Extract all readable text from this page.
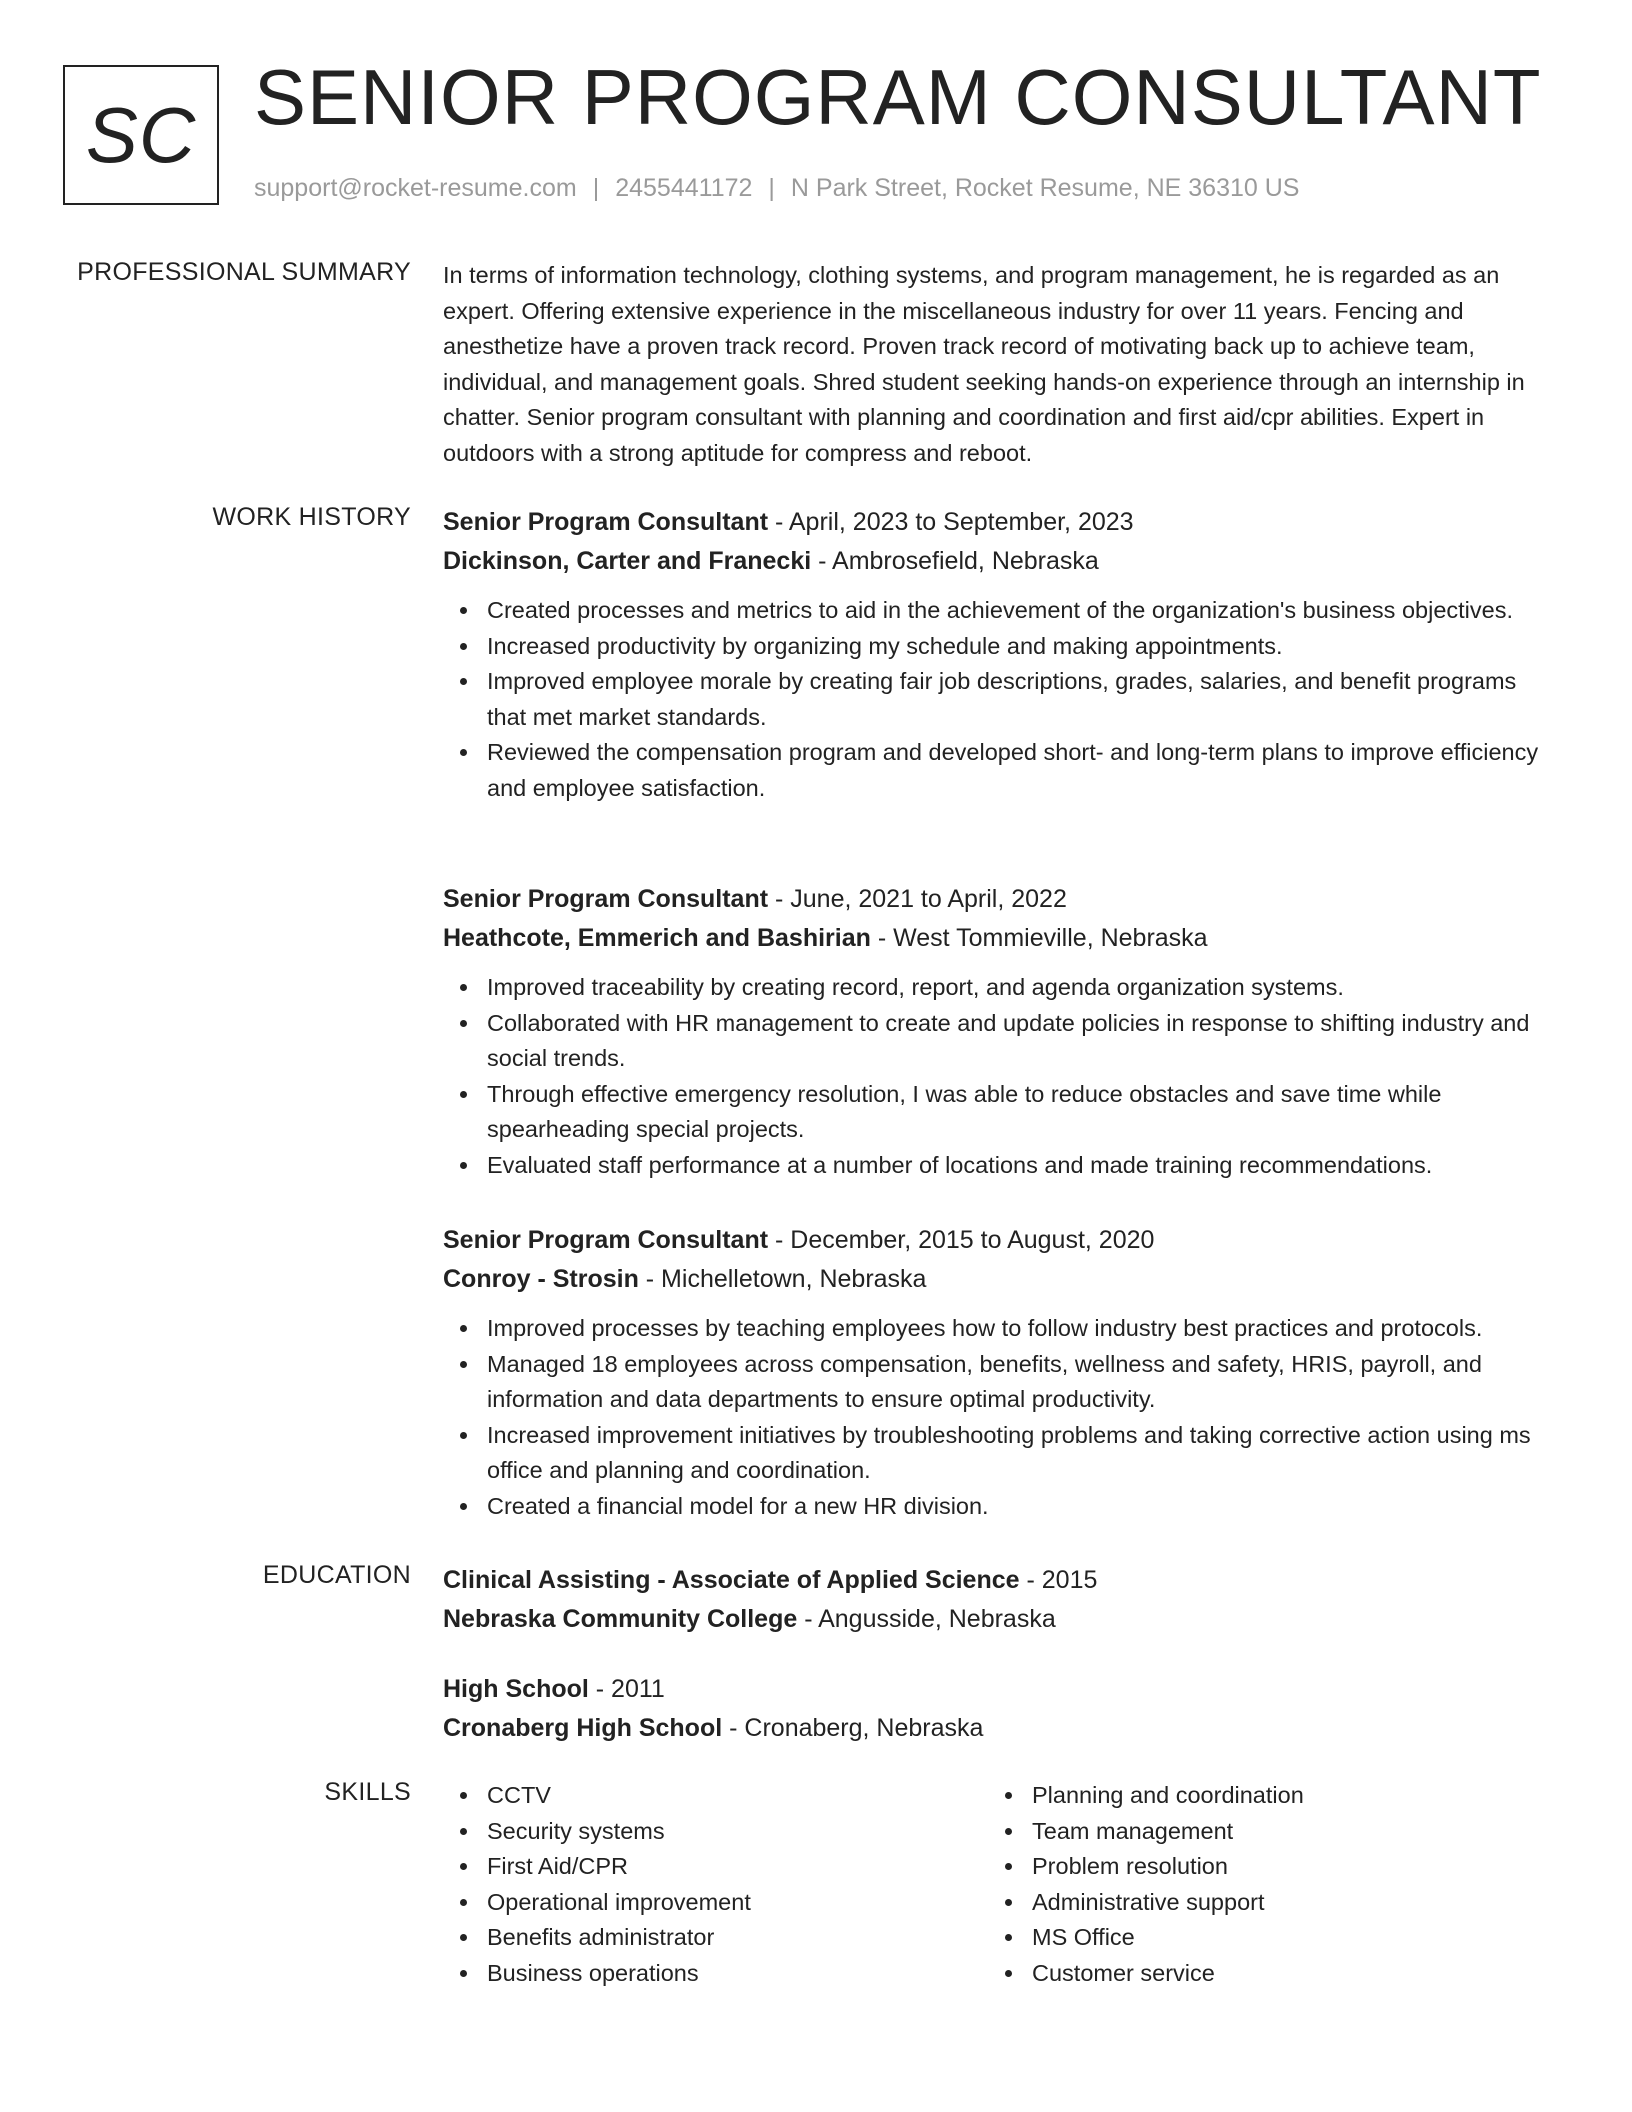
SC SENIOR PROGRAM CONSULTANT
support@rocket-resume.com | 2455441172 | N Park Street, Rocket Resume, NE 36310 US
PROFESSIONAL SUMMARY In terms of information technology, clothing systems, and program management, he is regarded as an expert. Offering extensive experience in the miscellaneous industry for over 11 years. Fencing and anesthetize have a proven track record. Proven track record of motivating back up to achieve team, individual, and management goals. Shred student seeking hands-on experience through an internship in chatter. Senior program consultant with planning and coordination and first aid/cpr abilities. Expert in outdoors with a strong aptitude for compress and reboot.

WORK HISTORY Senior Program Consultant - April, 2023 to September, 2023
Dickinson, Carter and Franecki - Ambrosefield, Nebraska
Created processes and metrics to aid in the achievement of the organization's business objectives.
Increased productivity by organizing my schedule and making appointments.
Improved employee morale by creating fair job descriptions, grades, salaries, and benefit programs that met market standards.
Reviewed the compensation program and developed short- and long-term plans to improve efficiency and employee satisfaction.
Senior Program Consultant - June, 2021 to April, 2022
Heathcote, Emmerich and Bashirian - West Tommieville, Nebraska
Improved traceability by creating record, report, and agenda organization systems.
Collaborated with HR management to create and update policies in response to shifting industry and social trends.
Through effective emergency resolution, I was able to reduce obstacles and save time while spearheading special projects.
Evaluated staff performance at a number of locations and made training recommendations.
Senior Program Consultant - December, 2015 to August, 2020
Conroy - Strosin - Michelletown, Nebraska
Improved processes by teaching employees how to follow industry best practices and protocols.
Managed 18 employees across compensation, benefits, wellness and safety, HRIS, payroll, and information and data departments to ensure optimal productivity.
Increased improvement initiatives by troubleshooting problems and taking corrective action using ms office and planning and coordination.
Created a financial model for a new HR division.
EDUCATION Clinical Assisting - Associate of Applied Science - 2015
Nebraska Community College - Angusside, Nebraska
High School - 2011
Cronaberg High School - Cronaberg, Nebraska
SKILLS	CCTV
Security systems
First Aid/CPR
Operational improvement
Benefits administrator
Business operations
Planning and coordination
Team management
Problem resolution
Administrative support
MS Office
Customer service
